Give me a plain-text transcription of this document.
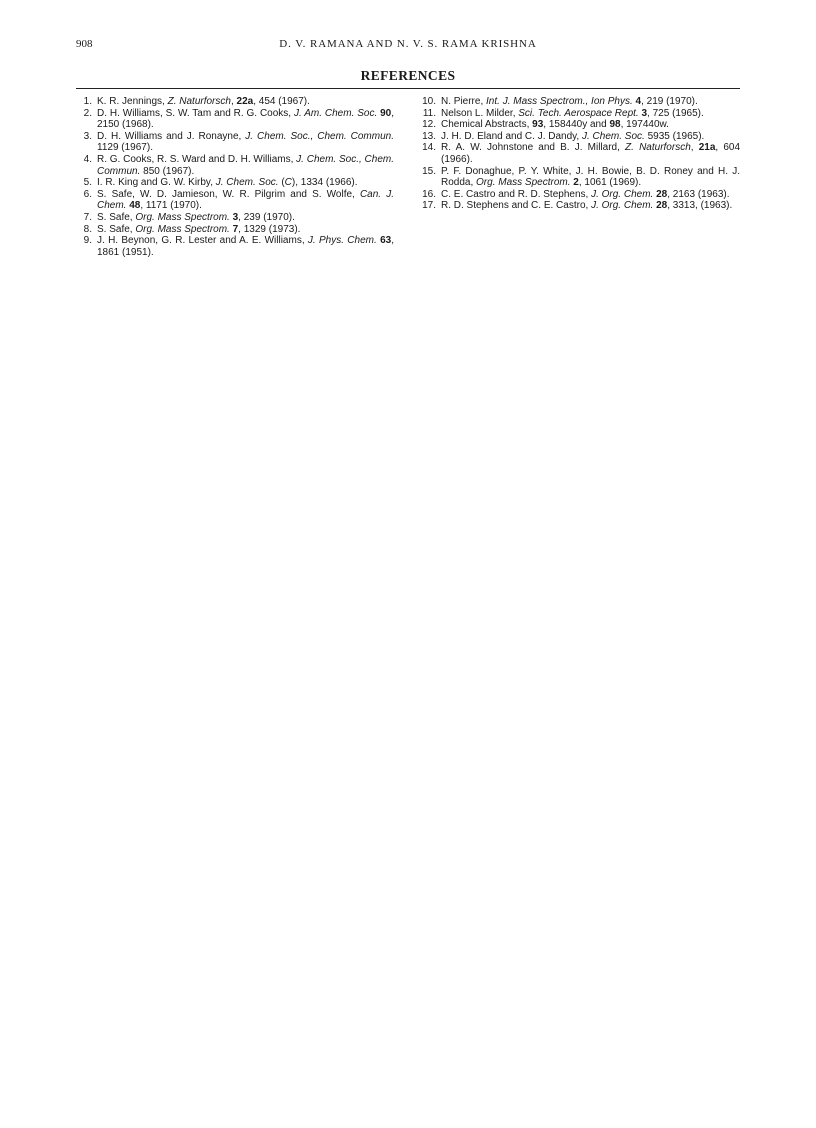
908	D. V. RAMANA AND N. V. S. RAMA KRISHNA
REFERENCES
1. K. R. Jennings, Z. Naturforsch, 22a, 454 (1967).
2. D. H. Williams, S. W. Tam and R. G. Cooks, J. Am. Chem. Soc. 90, 2150 (1968).
3. D. H. Williams and J. Ronayne, J. Chem. Soc., Chem. Commun. 1129 (1967).
4. R. G. Cooks, R. S. Ward and D. H. Williams, J. Chem. Soc., Chem. Commun. 850 (1967).
5. I. R. King and G. W. Kirby, J. Chem. Soc. (C), 1334 (1966).
6. S. Safe, W. D. Jamieson, W. R. Pilgrim and S. Wolfe, Can. J. Chem. 48, 1171 (1970).
7. S. Safe, Org. Mass Spectrom. 3, 239 (1970).
8. S. Safe, Org. Mass Spectrom. 7, 1329 (1973).
9. J. H. Beynon, G. R. Lester and A. E. Williams, J. Phys. Chem. 63, 1861 (1951).
10. N. Pierre, Int. J. Mass Spectrom., Ion Phys. 4, 219 (1970).
11. Nelson L. Milder, Sci. Tech. Aerospace Rept. 3, 725 (1965).
12. Chemical Abstracts, 93, 158440y and 98, 197440w.
13. J. H. D. Eland and C. J. Dandy, J. Chem. Soc. 5935 (1965).
14. R. A. W. Johnstone and B. J. Millard, Z. Naturforsch, 21a, 604 (1966).
15. P. F. Donaghue, P. Y. White, J. H. Bowie, B. D. Roney and H. J. Rodda, Org. Mass Spectrom. 2, 1061 (1969).
16. C. E. Castro and R. D. Stephens, J. Org. Chem. 28, 2163 (1963).
17. R. D. Stephens and C. E. Castro, J. Org. Chem. 28, 3313, (1963).
